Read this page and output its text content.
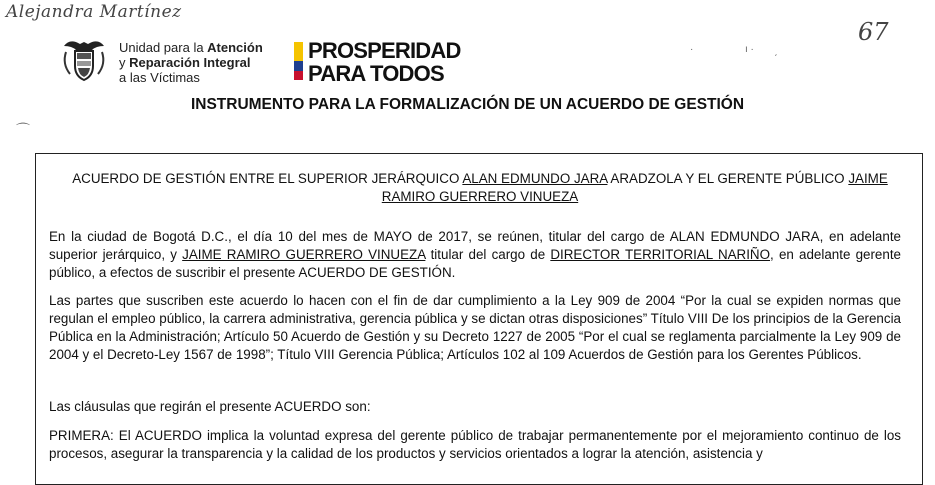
Alejandra Martínez
67
·	ı · ˏ
Unidad para la Atención
y Reparación Integral
a las Víctimas
PROSPERIDAD
PARA TODOS
INSTRUMENTO PARA LA FORMALIZACIÓN DE UN ACUERDO DE GESTIÓN
⌒
ACUERDO DE GESTIÓN ENTRE EL SUPERIOR JERÁRQUICO ALAN EDMUNDO JARA ARADZOLA Y EL GERENTE PÚBLICO JAIME RAMIRO GUERRERO VINUEZA
En la ciudad de Bogotá D.C., el día 10 del mes de MAYO de 2017, se reúnen, titular del cargo de ALAN EDMUNDO JARA, en adelante superior jerárquico, y JAIME RAMIRO GUERRERO VINUEZA titular del cargo de DIRECTOR TERRITORIAL NARIÑO, en adelante gerente público, a efectos de suscribir el presente ACUERDO DE GESTIÓN.
Las partes que suscriben este acuerdo lo hacen con el fin de dar cumplimiento a la Ley 909 de 2004 “Por la cual se expiden normas que regulan el empleo público, la carrera administrativa, gerencia pública y se dictan otras disposiciones” Título VIII De los principios de la Gerencia Pública en la Administración; Artículo 50 Acuerdo de Gestión y su Decreto 1227 de 2005 “Por el cual se reglamenta parcialmente la Ley 909 de 2004 y el Decreto-Ley 1567 de 1998”; Título VIII Gerencia Pública; Artículos 102 al 109 Acuerdos de Gestión para los Gerentes Públicos.
Las cláusulas que regirán el presente ACUERDO son:
PRIMERA: El ACUERDO implica la voluntad expresa del gerente público de trabajar permanentemente por el mejoramiento continuo de los procesos, asegurar la transparencia y la calidad de los productos y servicios orientados a lograr la atención, asistencia y
